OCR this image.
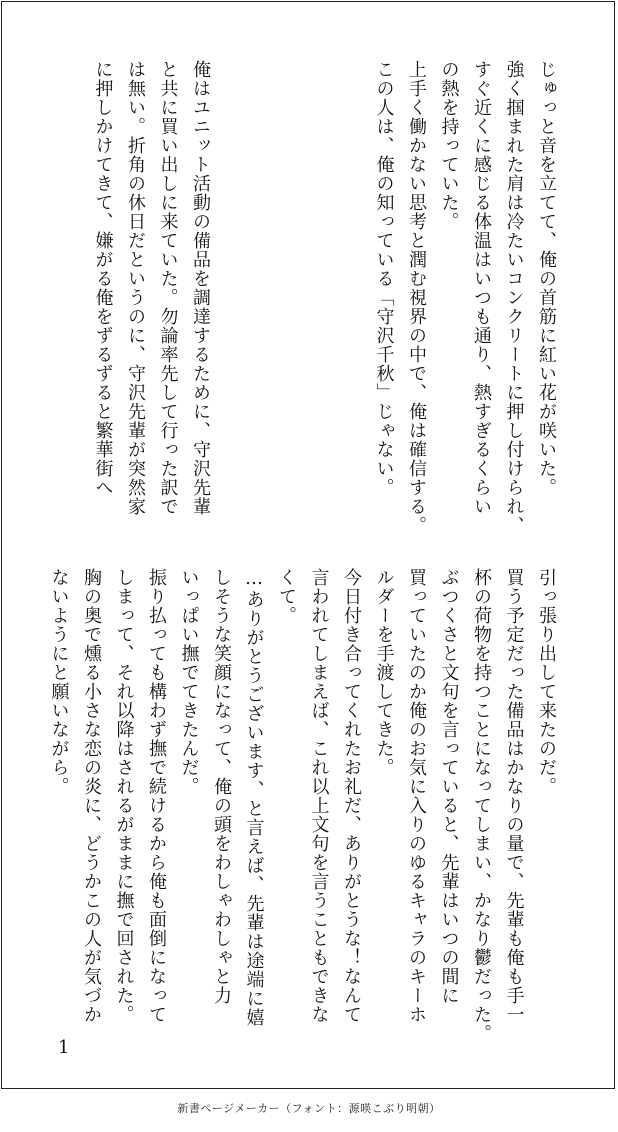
じゅっと音を立てて、俺の首筋に紅い花が咲いた。

強く掴まれた肩は冷たいコンクリートに押し付けられ、

すぐ近くに感じる体温はいつも通り、熱すぎるくらい

の熱を持っていた。

上手く働かない思考と潤む視界の中で、俺は確信する。

この人は、俺の知っている「守沢千秋」じゃない。

俺はユニット活動の備品を調達するために、守沢先輩

と共に買い出しに来ていた。勿論率先して行った訳で

は無い。折角の休日だというのに、守沢先輩が突然家

に押しかけてきて、嫌がる俺をずるずると繁華街へ

引っ張り出して来たのだ。

買う予定だった備品はかなりの量で、先輩も俺も手一

杯の荷物を持つことになってしまい、かなり鬱だった。

ぶつくさと文句を言っていると、先輩はいつの間に

買っていたのか俺のお気に入りのゆるキャラのキーホ

ルダーを手渡してきた。

今日付き合ってくれたお礼だ、ありがとうな！なんて

言われてしまえば、これ以上文句を言うこともできな

くて。

…ありがとうございます、と言えば、先輩は途端に嬉

しそうな笑顔になって、俺の頭をわしゃわしゃと力

いっぱい撫でてきたんだ。

振り払っても構わず撫で続けるから俺も面倒になって

しまって、それ以降はされるがままに撫で回された。

胸の奥で燻る小さな恋の炎に、どうかこの人が気づか

ないようにと願いながら。

1
新書ページメーカー（フォント：源暎こぶり明朝）
